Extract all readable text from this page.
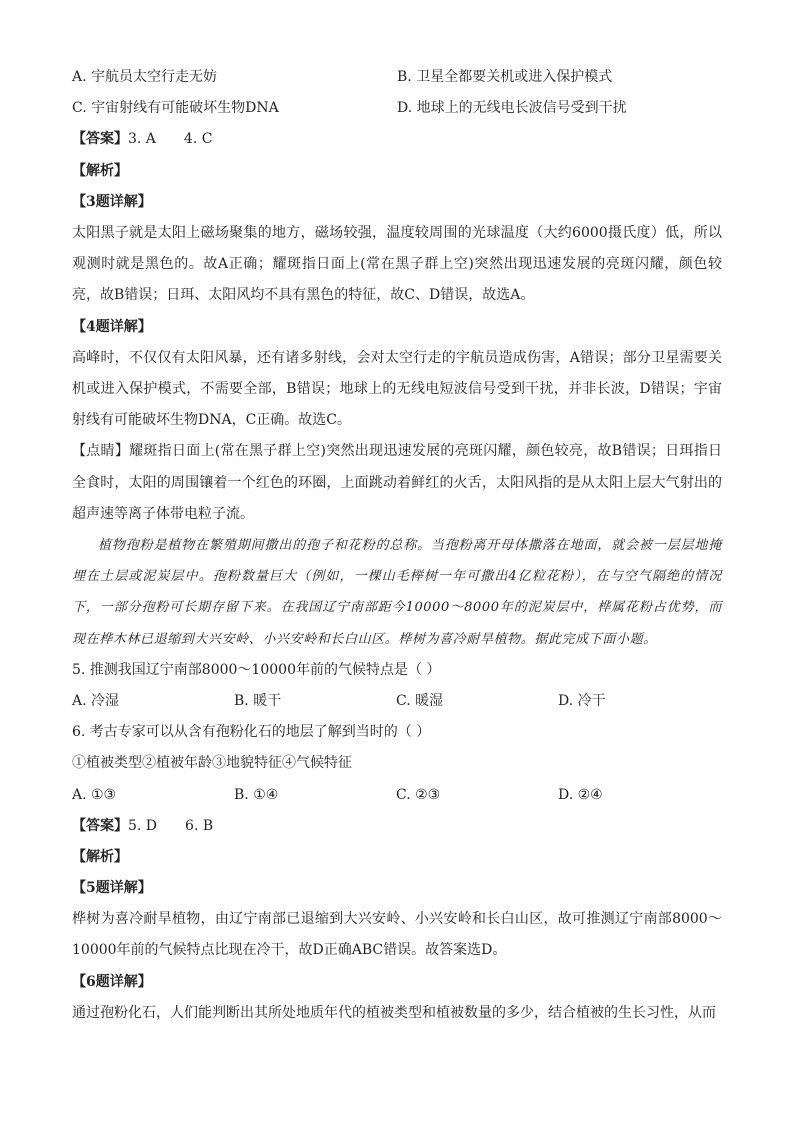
A. 宇航员太空行走无妨	B. 卫星全都要关机或进入保护模式
C. 宇宙射线有可能破坏生物DNA	D. 地球上的无线电长波信号受到干扰
【答案】3. A 4. C
【解析】
【3题详解】
太阳黑子就是太阳上磁场聚集的地方，磁场较强，温度较周围的光球温度（大约6000摄氏度）低，所以观测时就是黑色的。故A正确；耀斑指日面上(常在黑子群上空)突然出现迅速发展的亮斑闪耀，颜色较亮，故B错误；日珥、太阳风均不具有黑色的特征，故C、D错误，故选A。
【4题详解】
高峰时，不仅仅有太阳风暴，还有诸多射线，会对太空行走的宇航员造成伤害，A错误；部分卫星需要关机或进入保护模式，不需要全部，B错误；地球上的无线电短波信号受到干扰，并非长波，D错误；宇宙射线有可能破坏生物DNA，C正确。故选C。
【点睛】耀斑指日面上(常在黑子群上空)突然出现迅速发展的亮斑闪耀，颜色较亮，故B错误；日珥指日全食时，太阳的周围镶着一个红色的环圈，上面跳动着鲜红的火舌，太阳风指的是从太阳上层大气射出的超声速等离子体带电粒子流。
植物孢粉是植物在繁殖期间撒出的孢子和花粉的总称。当孢粉离开母体撒落在地面，就会被一层层地掩埋在土层或泥炭层中。孢粉数量巨大（例如，一棵山毛榉树一年可撒出4亿粒花粉），在与空气隔绝的情况下，一部分孢粉可长期存留下来。在我国辽宁南部距今10000～8000年的泥炭层中，桦属花粉占优势，而现在桦木林已退缩到大兴安岭、小兴安岭和长白山区。桦树为喜冷耐旱植物。据此完成下面小题。
5. 推测我国辽宁南部8000～10000年前的气候特点是（ ）
A. 冷湿	B. 暖干	C. 暖湿	D. 冷干
6. 考古专家可以从含有孢粉化石的地层了解到当时的（ ）
①植被类型②植被年龄③地貌特征④气候特征
A. ①③	B. ①④	C. ②③	D. ②④
【答案】5. D 6. B
【解析】
【5题详解】
桦树为喜冷耐旱植物，由辽宁南部已退缩到大兴安岭、小兴安岭和长白山区，故可推测辽宁南部8000～10000年前的气候特点比现在冷干，故D正确ABC错误。故答案选D。
【6题详解】
通过孢粉化石，人们能判断出其所处地质年代的植被类型和植被数量的多少，结合植被的生长习性，从而
